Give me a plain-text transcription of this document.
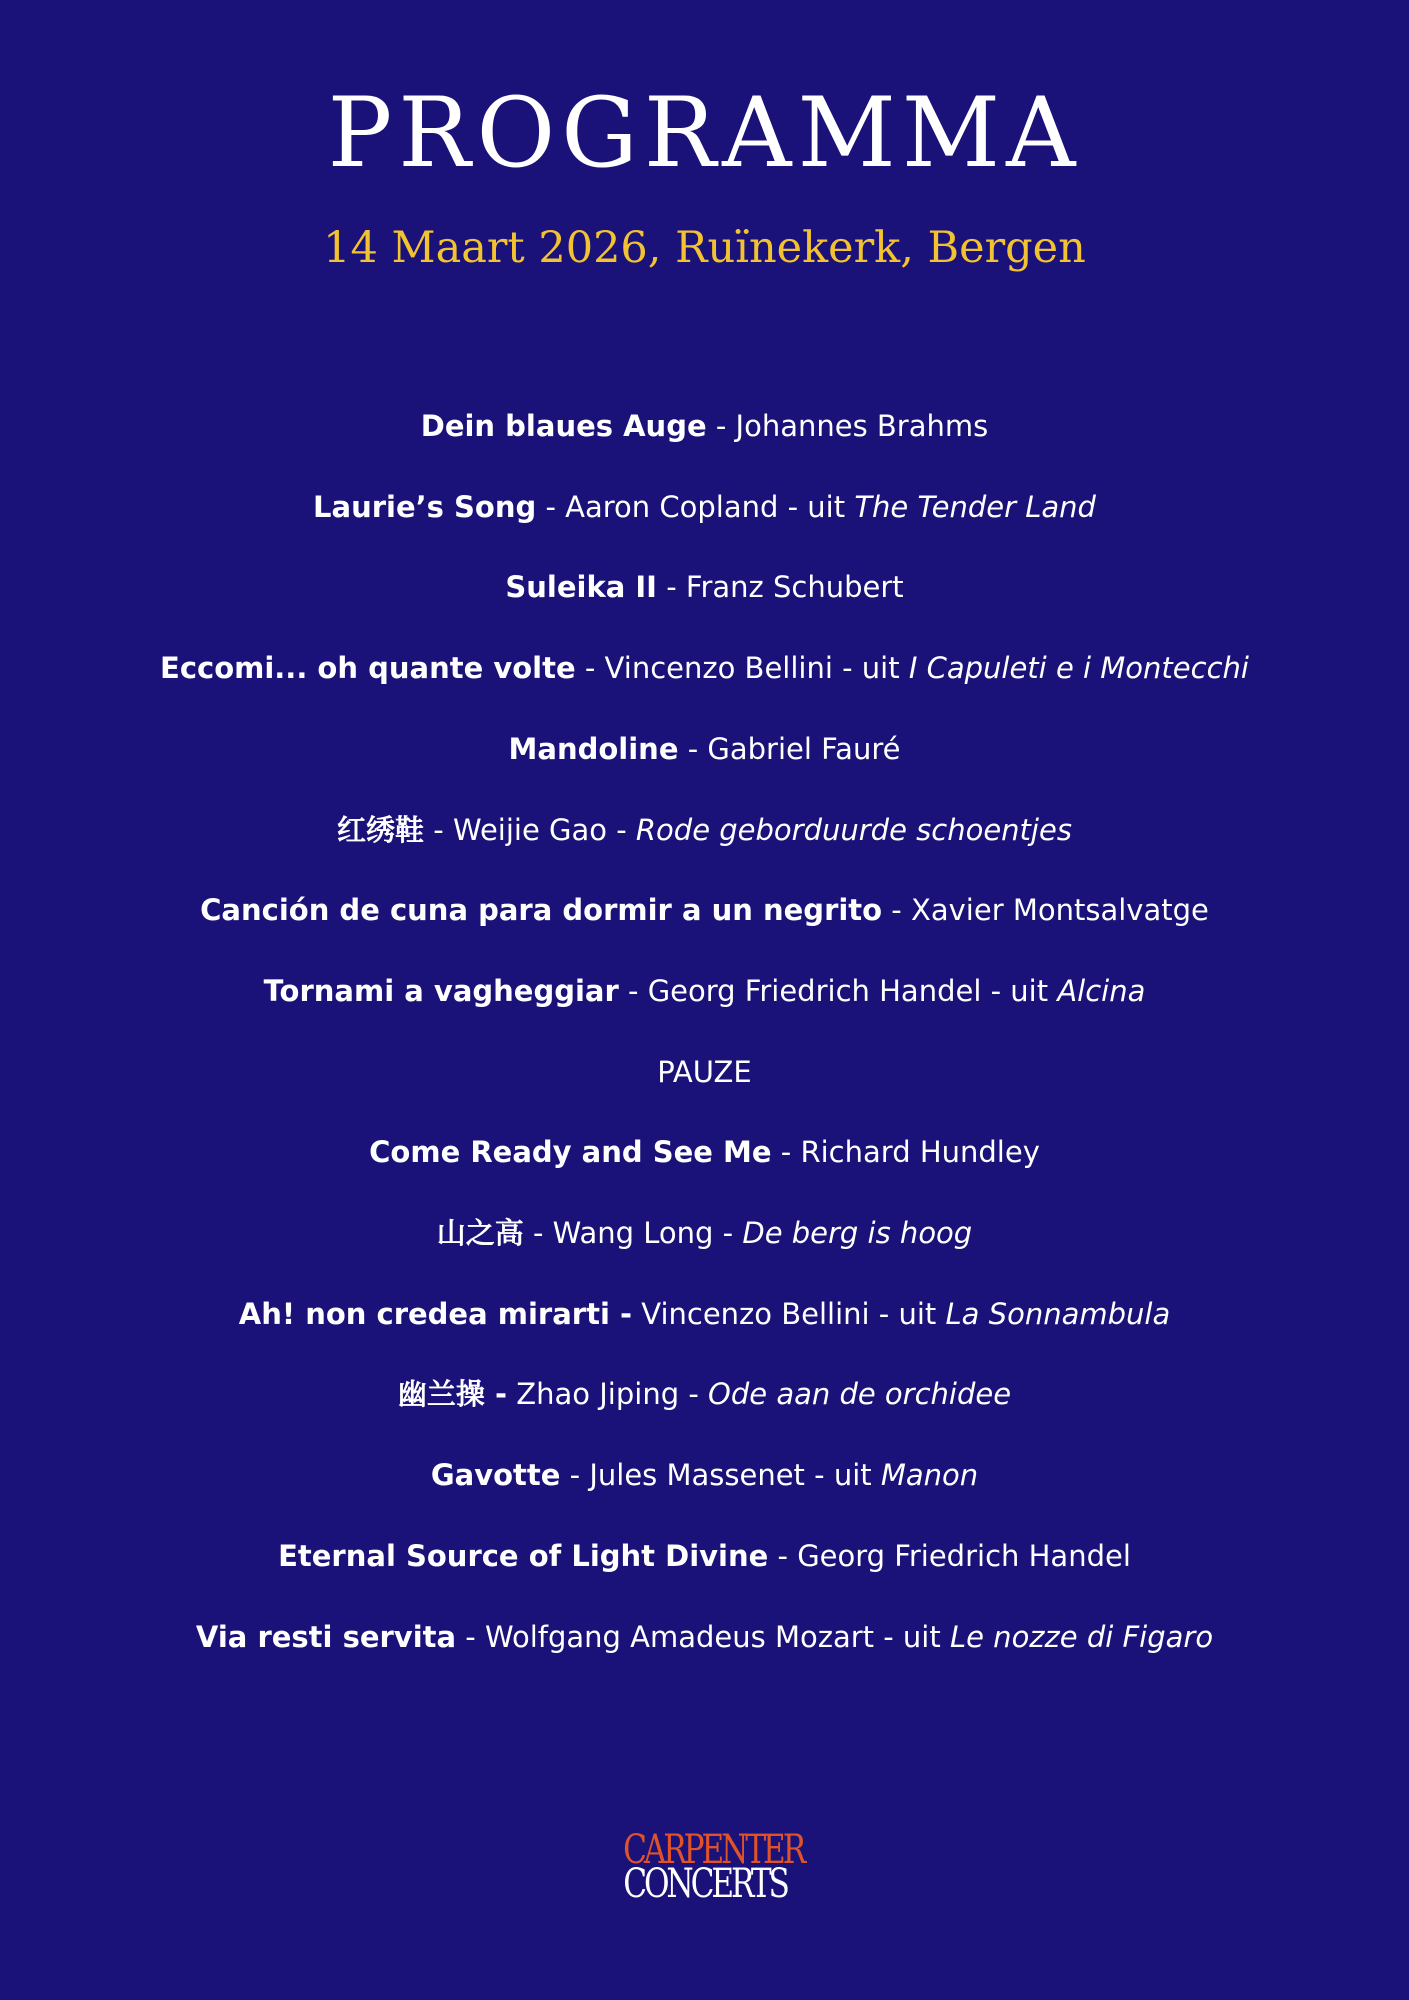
PROGRAMMA
14 Maart 2026, Ruïnekerk, Bergen
Dein blaues Auge - Johannes Brahms
Laurie’s Song - Aaron Copland - uit The Tender Land
Suleika II - Franz Schubert
Eccomi... oh quante volte - Vincenzo Bellini - uit I Capuleti e i Montecchi
Mandoline - Gabriel Fauré
红绣鞋 - Weijie Gao - Rode geborduurde schoentjes
Canción de cuna para dormir a un negrito - Xavier Montsalvatge
Tornami a vagheggiar - Georg Friedrich Handel - uit Alcina
PAUZE
Come Ready and See Me - Richard Hundley
山之高 - Wang Long - De berg is hoog
Ah! non credea mirarti - Vincenzo Bellini - uit La Sonnambula
幽兰操 - Zhao Jiping - Ode aan de orchidee
Gavotte - Jules Massenet - uit Manon
Eternal Source of Light Divine - Georg Friedrich Handel
Via resti servita - Wolfgang Amadeus Mozart - uit Le nozze di Figaro
CARPENTER
CONCERTS
